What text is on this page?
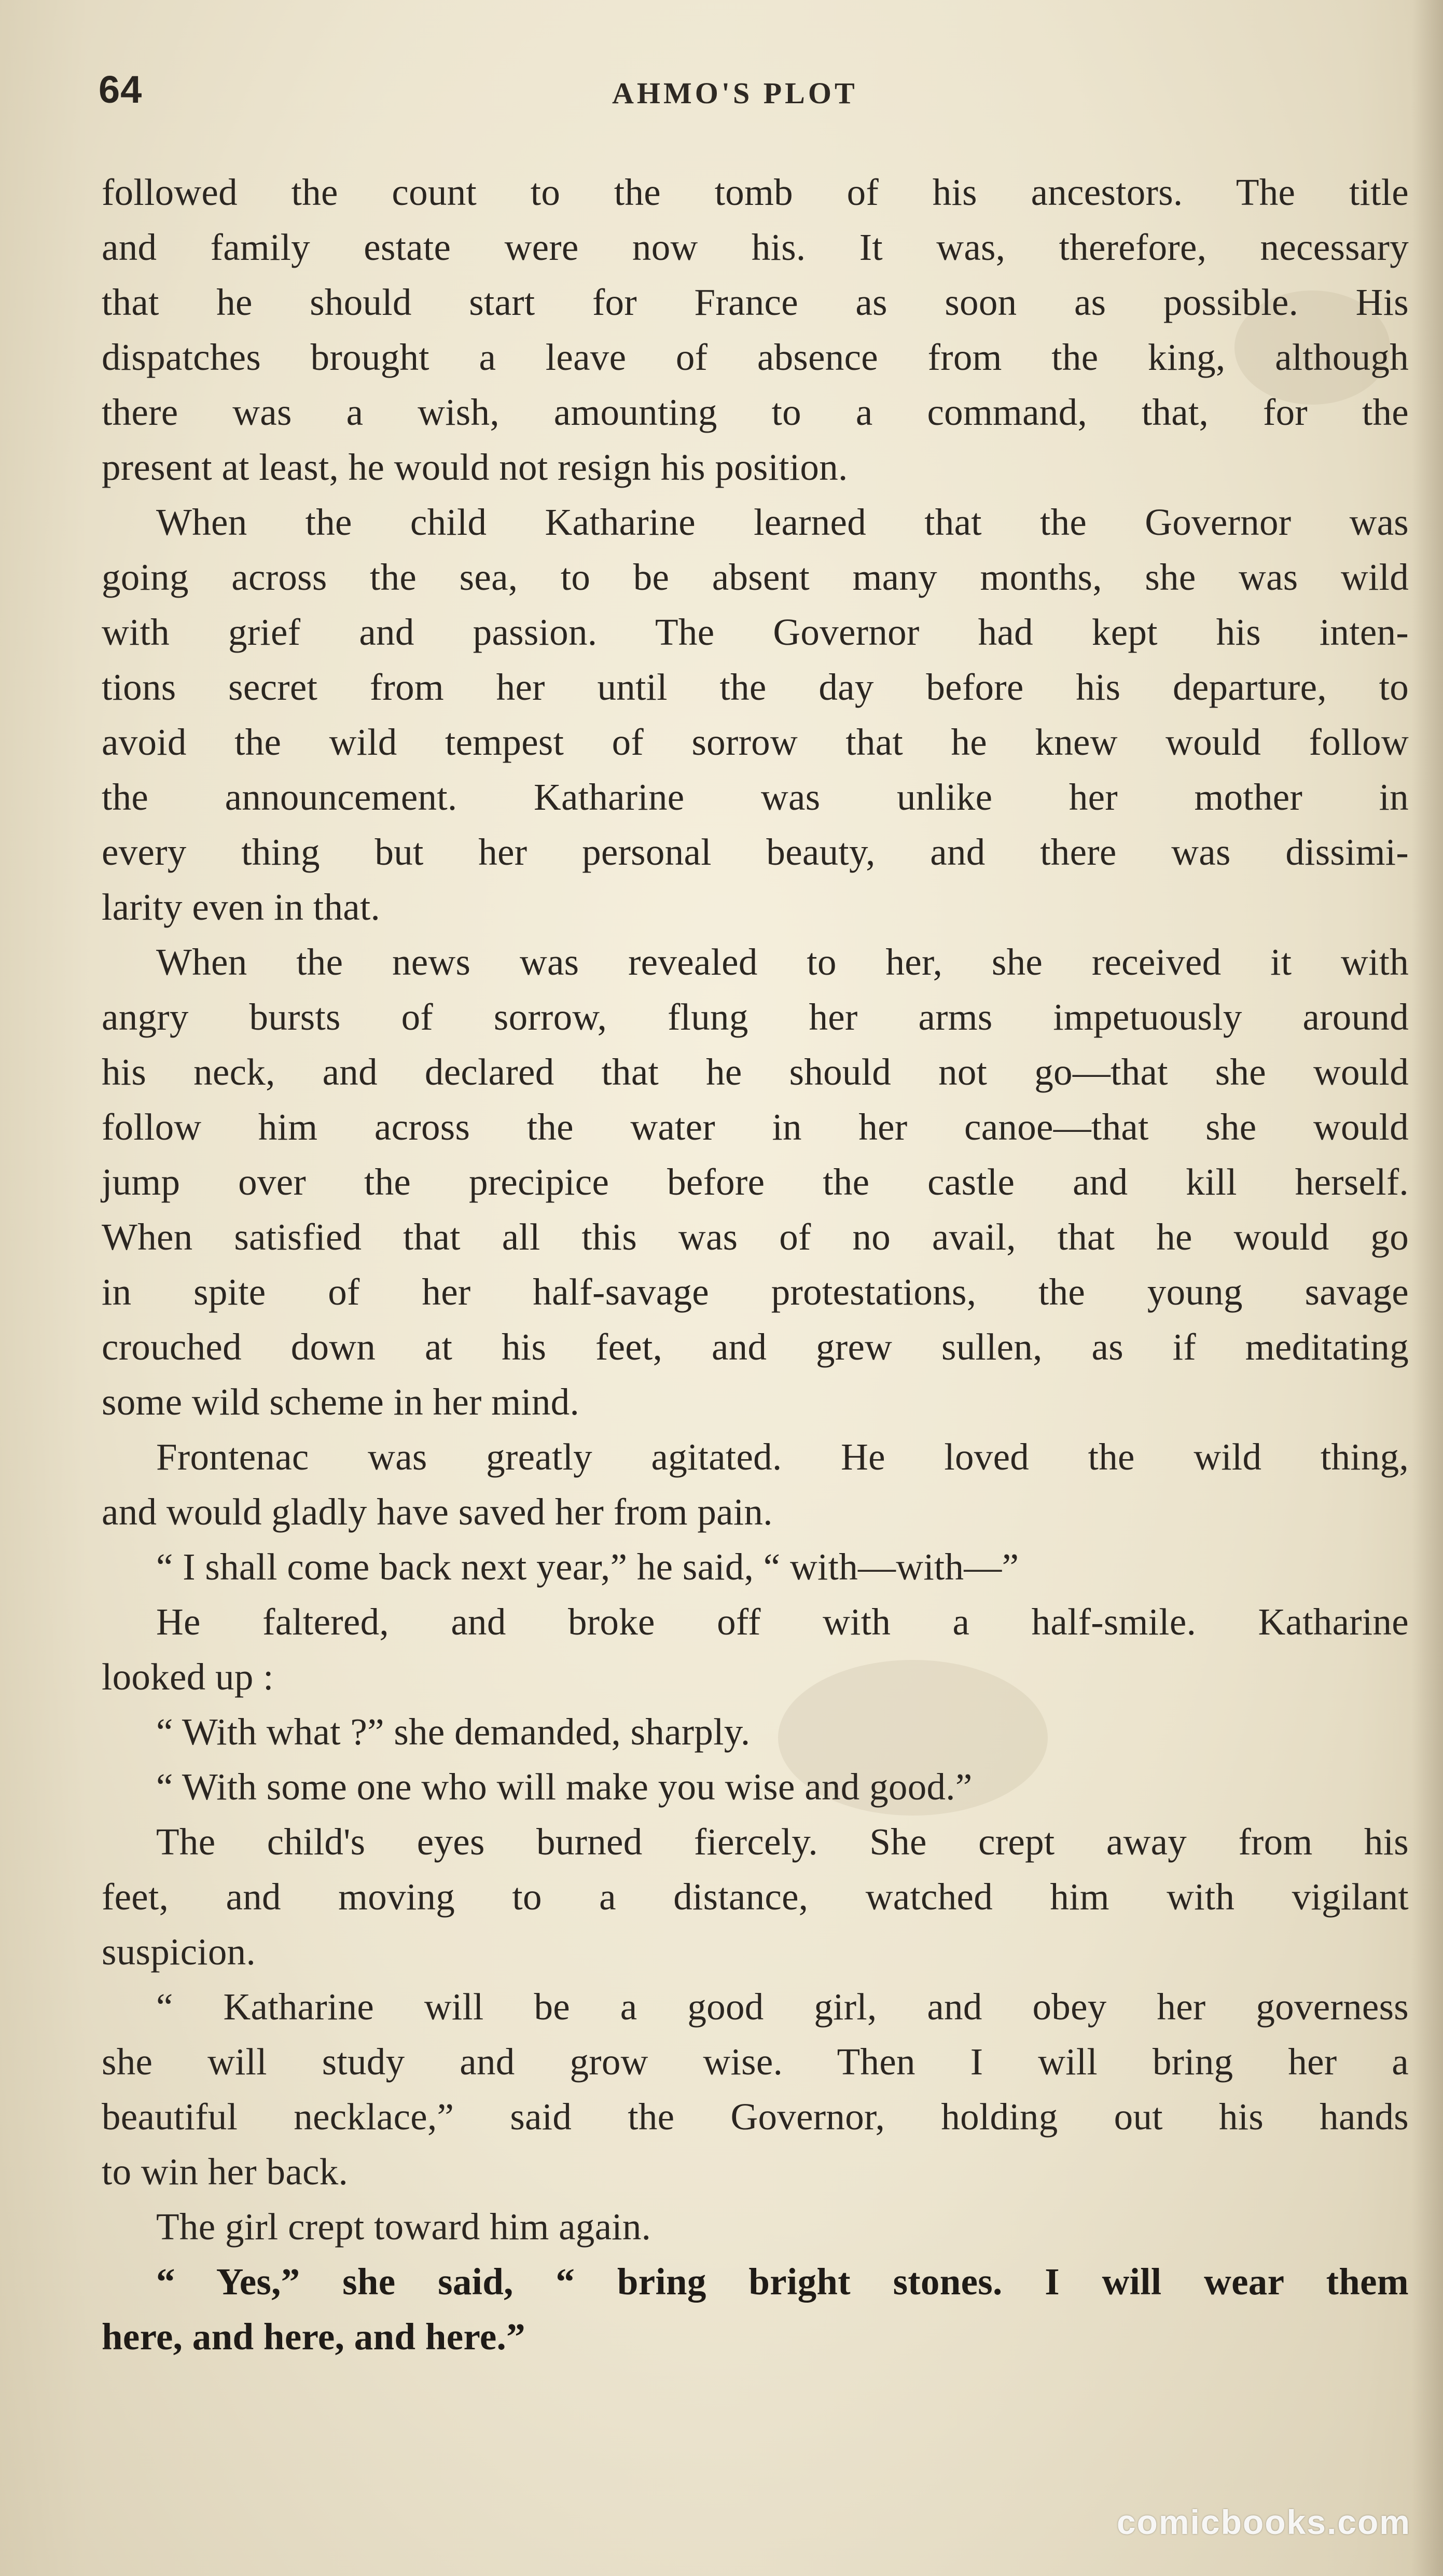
64	AHMO'S PLOT
followed the count to the tomb of his ancestors. The title
and family estate were now his. It was, therefore, necessary
that he should start for France as soon as possible. His
dispatches brought a leave of absence from the king, although
there was a wish, amounting to a command, that, for the
present at least, he would not resign his position.
When the child Katharine learned that the Governor was
going across the sea, to be absent many months, she was wild
with grief and passion. The Governor had kept his inten-
tions secret from her until the day before his departure, to
avoid the wild tempest of sorrow that he knew would follow
the announcement. Katharine was unlike her mother in
every thing but her personal beauty, and there was dissimi-
larity even in that.
When the news was revealed to her, she received it with
angry bursts of sorrow, flung her arms impetuously around
his neck, and declared that he should not go—that she would
follow him across the water in her canoe—that she would
jump over the precipice before the castle and kill herself.
When satisfied that all this was of no avail, that he would go
in spite of her half-savage protestations, the young savage
crouched down at his feet, and grew sullen, as if meditating
some wild scheme in her mind.
Frontenac was greatly agitated. He loved the wild thing,
and would gladly have saved her from pain.
“ I shall come back next year,” he said, “ with—with—”
He faltered, and broke off with a half-smile. Katharine
looked up :
“ With what ?” she demanded, sharply.
“ With some one who will make you wise and good.”
The child's eyes burned fiercely. She crept away from his
feet, and moving to a distance, watched him with vigilant
suspicion.
“ Katharine will be a good girl, and obey her governess
she will study and grow wise. Then I will bring her a
beautiful necklace,” said the Governor, holding out his hands
to win her back.
The girl crept toward him again.
“ Yes,” she said, “ bring bright stones. I will wear them
here, and here, and here.”
comicbooks.com
